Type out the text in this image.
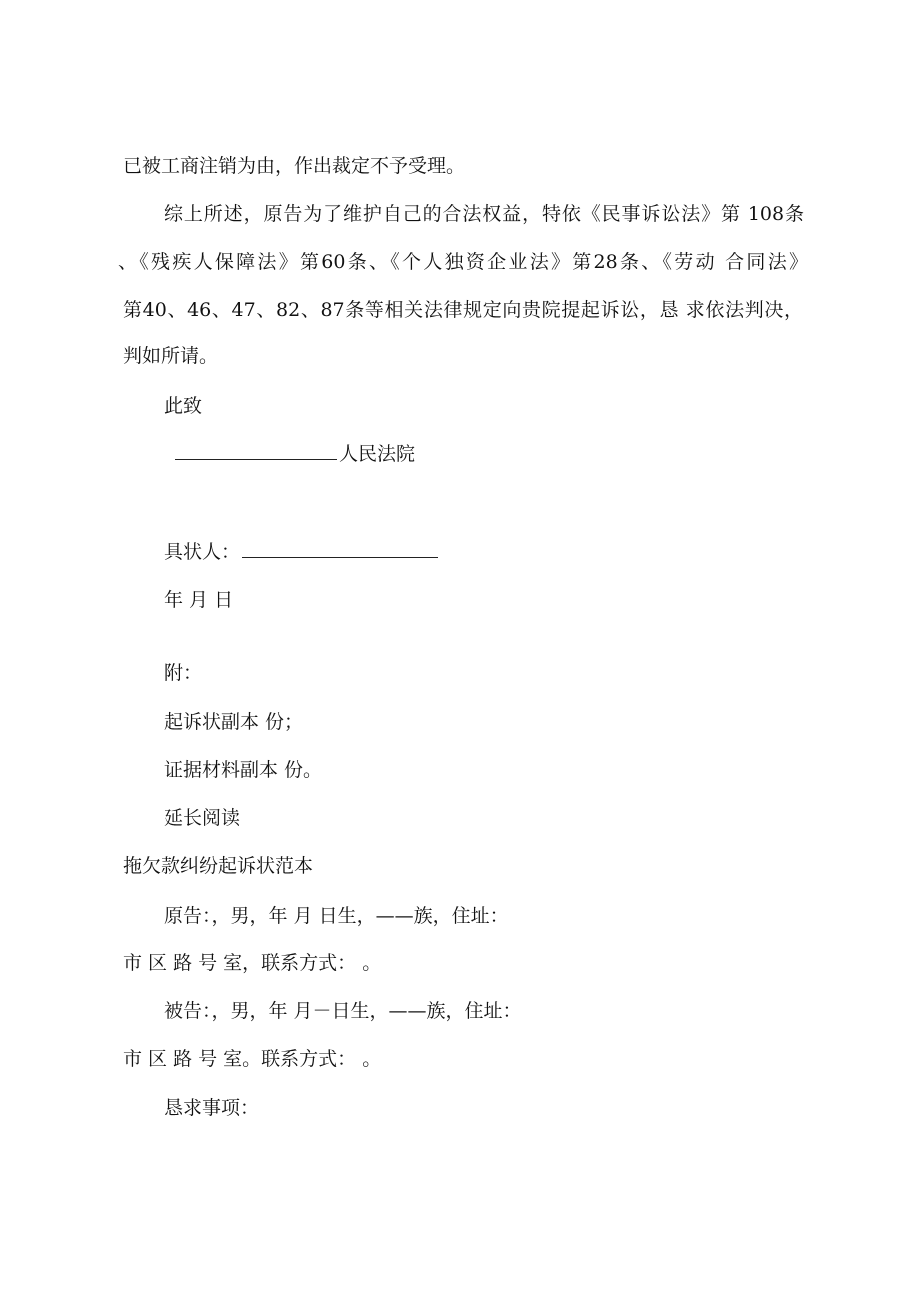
已被工商注销为由，作出裁定不予受理。
综上所述，原告为了维护自己的合法权益，特依《民事诉讼法》第 108条
、《残疾人保障法》第60条、《个人独资企业法》第28条、《劳动 合同法》
第40、46、47、82、87条等相关法律规定向贵院提起诉讼，恳 求依法判决，
判如所请。
此致
人民法院
具状人：
年 月 日
附：
起诉状副本 份；
证据材料副本 份。
延长阅读
拖欠款纠纷起诉状范本
原告：，男，年 月 日生，——族，住址：
市 区 路 号 室，联系方式： 。
被告：，男，年 月－日生，——族，住址：
市 区 路 号 室。联系方式： 。
恳求事项：
